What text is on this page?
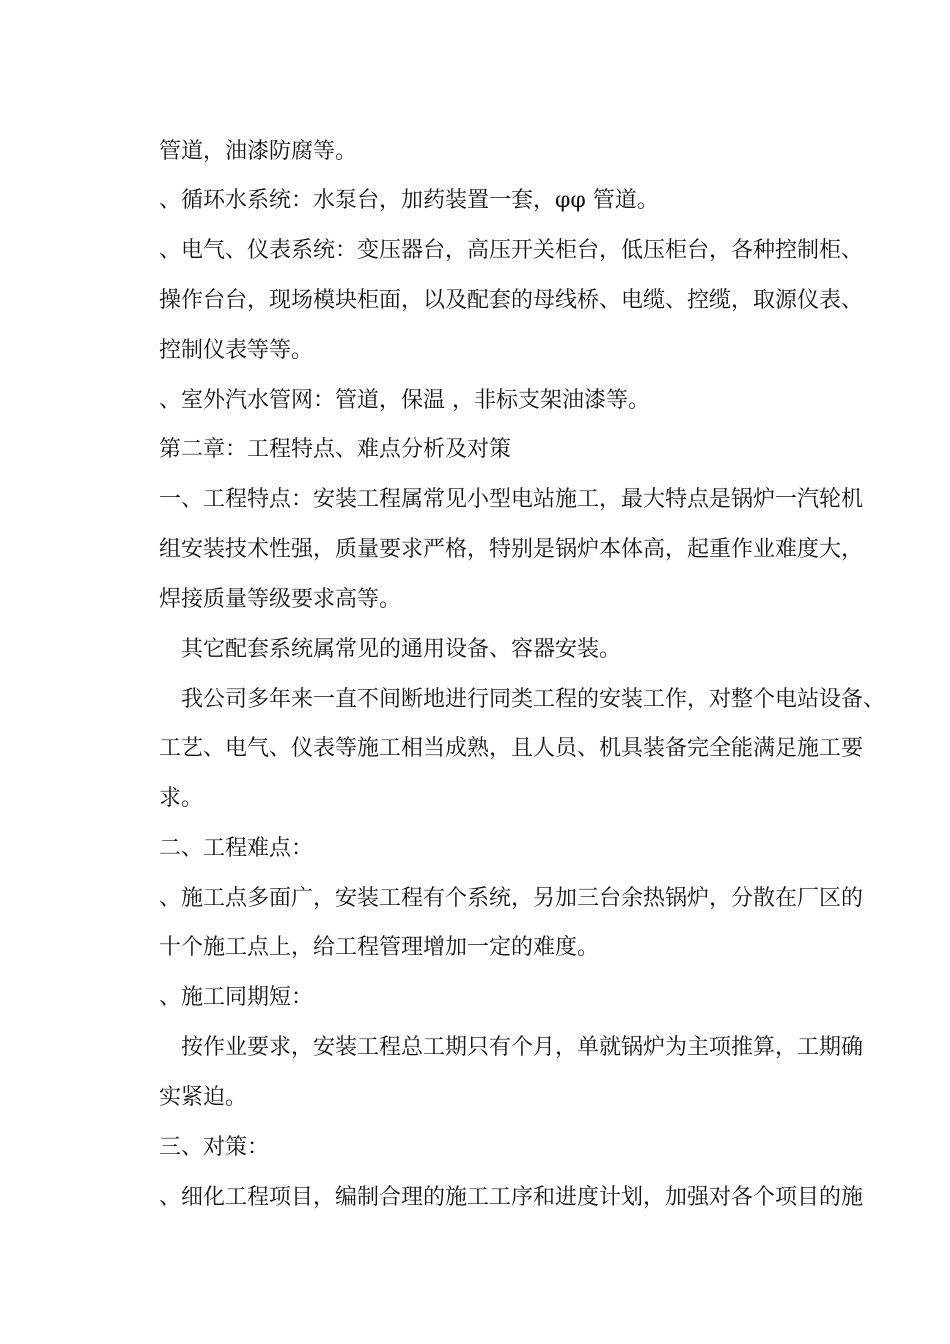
管道，油漆防腐等。
、循环水系统：水泵台，加药装置一套，φφ 管道。
、电气、仪表系统：变压器台，高压开关柜台，低压柜台，各种控制柜、
操作台台，现场模块柜面，以及配套的母线桥、电缆、控缆，取源仪表、
控制仪表等等。
、室外汽水管网：管道，保温 ，非标支架油漆等。
第二章：工程特点、难点分析及对策
一、工程特点：安装工程属常见小型电站施工，最大特点是锅炉一汽轮机
组安装技术性强，质量要求严格，特别是锅炉本体高，起重作业难度大，
焊接质量等级要求高等。
其它配套系统属常见的通用设备、容器安装。
我公司多年来一直不间断地进行同类工程的安装工作，对整个电站设备、
工艺、电气、仪表等施工相当成熟，且人员、机具装备完全能满足施工要
求。
二、工程难点：
、施工点多面广，安装工程有个系统，另加三台余热锅炉，分散在厂区的
十个施工点上，给工程管理增加一定的难度。
、施工同期短：
按作业要求，安装工程总工期只有个月，单就锅炉为主项推算，工期确
实紧迫。
三、对策：
、细化工程项目，编制合理的施工工序和进度计划，加强对各个项目的施
